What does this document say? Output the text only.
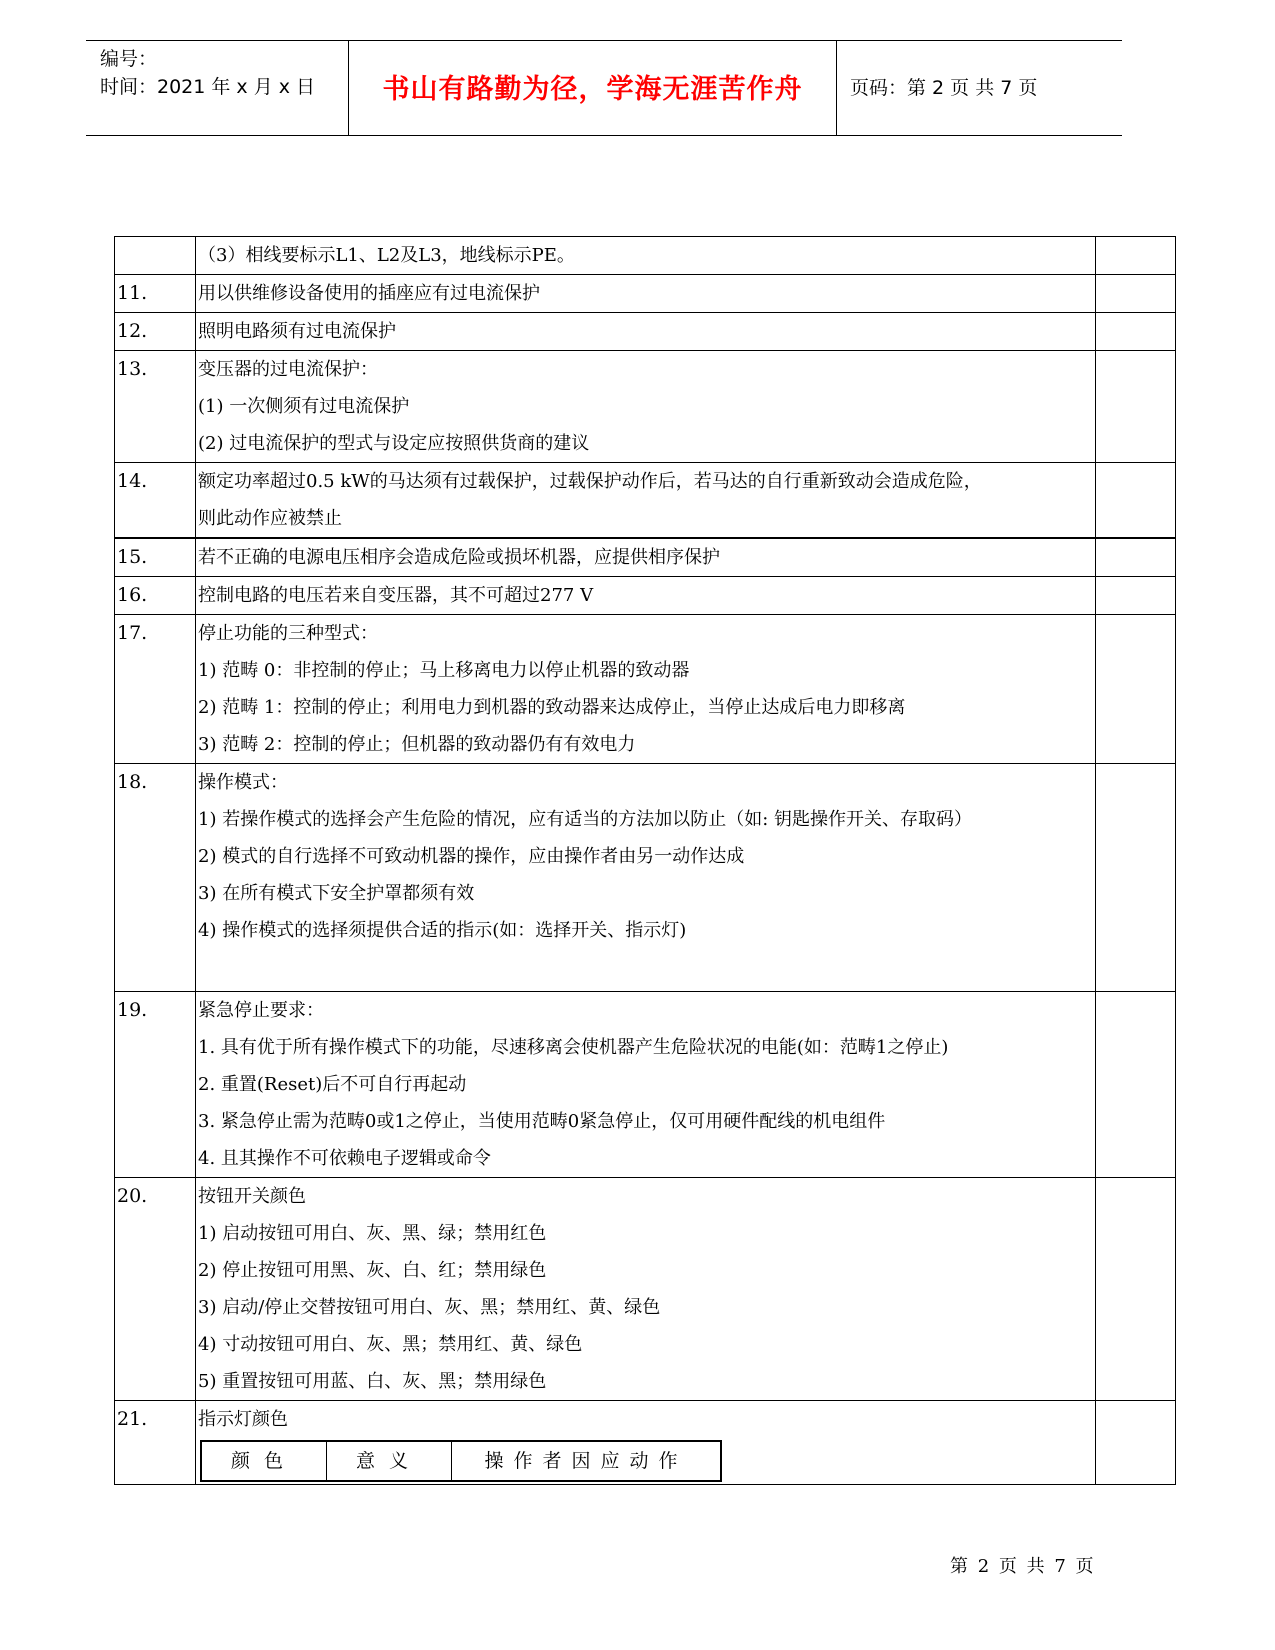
编号：
时间：2021 年 x 月 x 日	书山有路勤为径，学海无涯苦作舟	页码：第 2 页 共 7 页
（3）相线要标示L1、L2及L3，地线标示PE。
11.	用以供维修设备使用的插座应有过电流保护
12.	照明电路须有过电流保护
13.	变压器的过电流保护：
(1) 一次侧须有过电流保护
(2) 过电流保护的型式与设定应按照供货商的建议
14.	额定功率超过0.5 kW的马达须有过载保护，过载保护动作后，若马达的自行重新致动会造成危险，
则此动作应被禁止
15.	若不正确的电源电压相序会造成危险或损坏机器，应提供相序保护
16.	控制电路的电压若来自变压器，其不可超过277 V
17.	停止功能的三种型式：
1) 范畴 0：非控制的停止；马上移离电力以停止机器的致动器
2) 范畴 1：控制的停止；利用电力到机器的致动器来达成停止，当停止达成后电力即移离
3) 范畴 2：控制的停止；但机器的致动器仍有有效电力
18.	操作模式：
1) 若操作模式的选择会产生危险的情况，应有适当的方法加以防止（如: 钥匙操作开关、存取码）
2) 模式的自行选择不可致动机器的操作，应由操作者由另一动作达成
3) 在所有模式下安全护罩都须有效
4) 操作模式的选择须提供合适的指示(如：选择开关、指示灯)
19.	紧急停止要求：
1. 具有优于所有操作模式下的功能，尽速移离会使机器产生危险状况的电能(如：范畴1之停止)
2. 重置(Reset)后不可自行再起动
3. 紧急停止需为范畴0或1之停止，当使用范畴0紧急停止，仅可用硬件配线的机电组件
4. 且其操作不可依赖电子逻辑或命令
20.	按钮开关颜色
1) 启动按钮可用白、灰、黑、绿；禁用红色
2) 停止按钮可用黑、灰、白、红；禁用绿色
3) 启动/停止交替按钮可用白、灰、黑；禁用红、黄、绿色
4) 寸动按钮可用白、灰、黑；禁用红、黄、绿色
5) 重置按钮可用蓝、白、灰、黑；禁用绿色
21.	指示灯颜色
颜色	意义	操作者因应动作
第 2 页 共 7 页
